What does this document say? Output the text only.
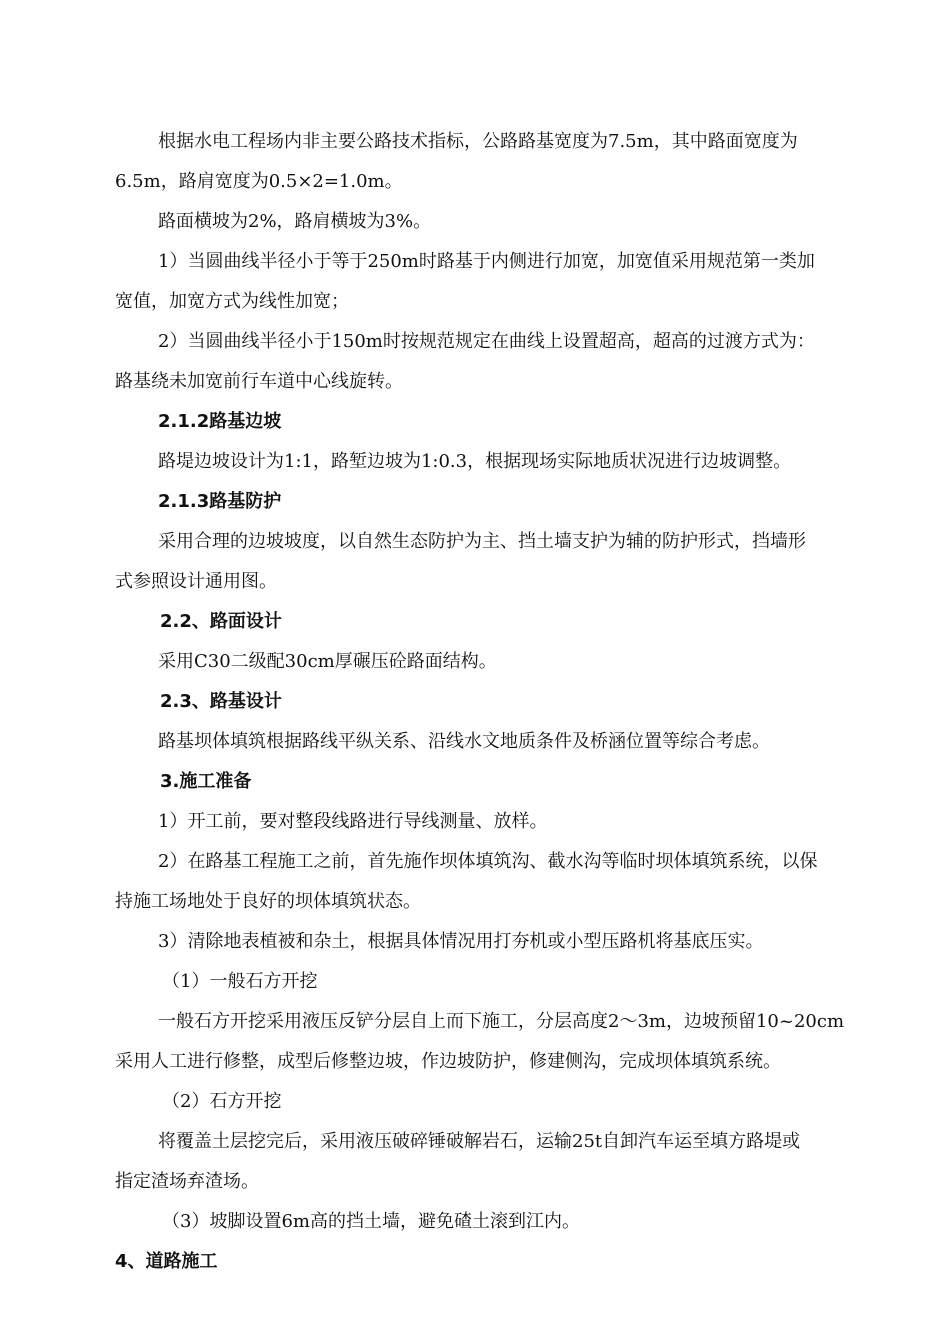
根据水电工程场内非主要公路技术指标，公路路基宽度为7.5m，其中路面宽度为
6.5m，路肩宽度为0.5×2=1.0m。
路面横坡为2%，路肩横坡为3%。
1）当圆曲线半径小于等于250m时路基于内侧进行加宽，加宽值采用规范第一类加
宽值，加宽方式为线性加宽；
2）当圆曲线半径小于150m时按规范规定在曲线上设置超高，超高的过渡方式为：
路基绕未加宽前行车道中心线旋转。
2.1.2路基边坡
路堤边坡设计为1:1，路堑边坡为1:0.3，根据现场实际地质状况进行边坡调整。
2.1.3路基防护
采用合理的边坡坡度，以自然生态防护为主、挡土墙支护为辅的防护形式，挡墙形
式参照设计通用图。
2.2、路面设计
采用C30二级配30cm厚碾压砼路面结构。
2.3、路基设计
路基坝体填筑根据路线平纵关系、沿线水文地质条件及桥涵位置等综合考虑。
3.施工准备
1）开工前，要对整段线路进行导线测量、放样。
2）在路基工程施工之前，首先施作坝体填筑沟、截水沟等临时坝体填筑系统，以保
持施工场地处于良好的坝体填筑状态。
3）清除地表植被和杂土，根据具体情况用打夯机或小型压路机将基底压实。
（1）一般石方开挖
一般石方开挖采用液压反铲分层自上而下施工，分层高度2～3m，边坡预留10~20cm
采用人工进行修整，成型后修整边坡，作边坡防护，修建侧沟，完成坝体填筑系统。
（2）石方开挖
将覆盖土层挖完后，采用液压破碎锤破解岩石，运输25t自卸汽车运至填方路堤或
指定渣场弃渣场。
（3）坡脚设置6m高的挡土墙，避免碴土滚到江内。
4、道路施工
